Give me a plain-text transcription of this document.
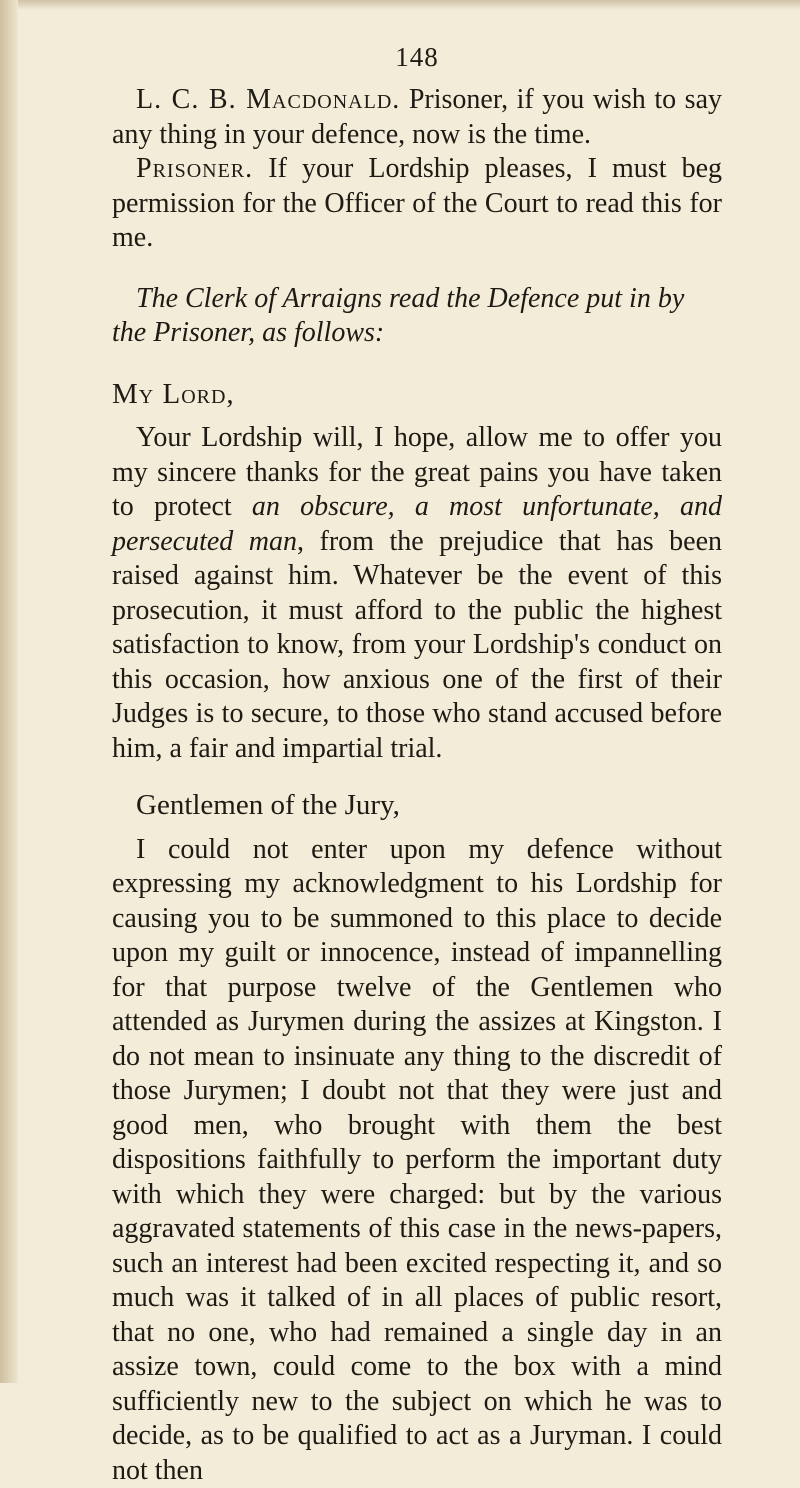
148

L. C. B. Macdonald. Prisoner, if you wish to say any thing in your defence, now is the time.

Prisoner. If your Lordship pleases, I must beg permission for the Officer of the Court to read this for me.

The Clerk of Arraigns read the Defence put in by the Prisoner, as follows:

My Lord,

Your Lordship will, I hope, allow me to offer you my sincere thanks for the great pains you have taken to protect an obscure, a most unfortunate, and persecuted man, from the prejudice that has been raised against him. Whatever be the event of this prosecution, it must afford to the public the highest satisfaction to know, from your Lordship's conduct on this occasion, how anxious one of the first of their Judges is to secure, to those who stand accused before him, a fair and impartial trial.

Gentlemen of the Jury,

I could not enter upon my defence without expressing my acknowledgment to his Lordship for causing you to be summoned to this place to decide upon my guilt or innocence, instead of impannelling for that purpose twelve of the Gentlemen who attended as Jurymen during the assizes at Kingston. I do not mean to insinuate any thing to the discredit of those Jurymen; I doubt not that they were just and good men, who brought with them the best dispositions faithfully to perform the important duty with which they were charged: but by the various aggravated statements of this case in the news-papers, such an interest had been excited respecting it, and so much was it talked of in all places of public resort, that no one, who had remained a single day in an assize town, could come to the box with a mind sufficiently new to the subject on which he was to decide, as to be qualified to act as a Juryman. I could not then
